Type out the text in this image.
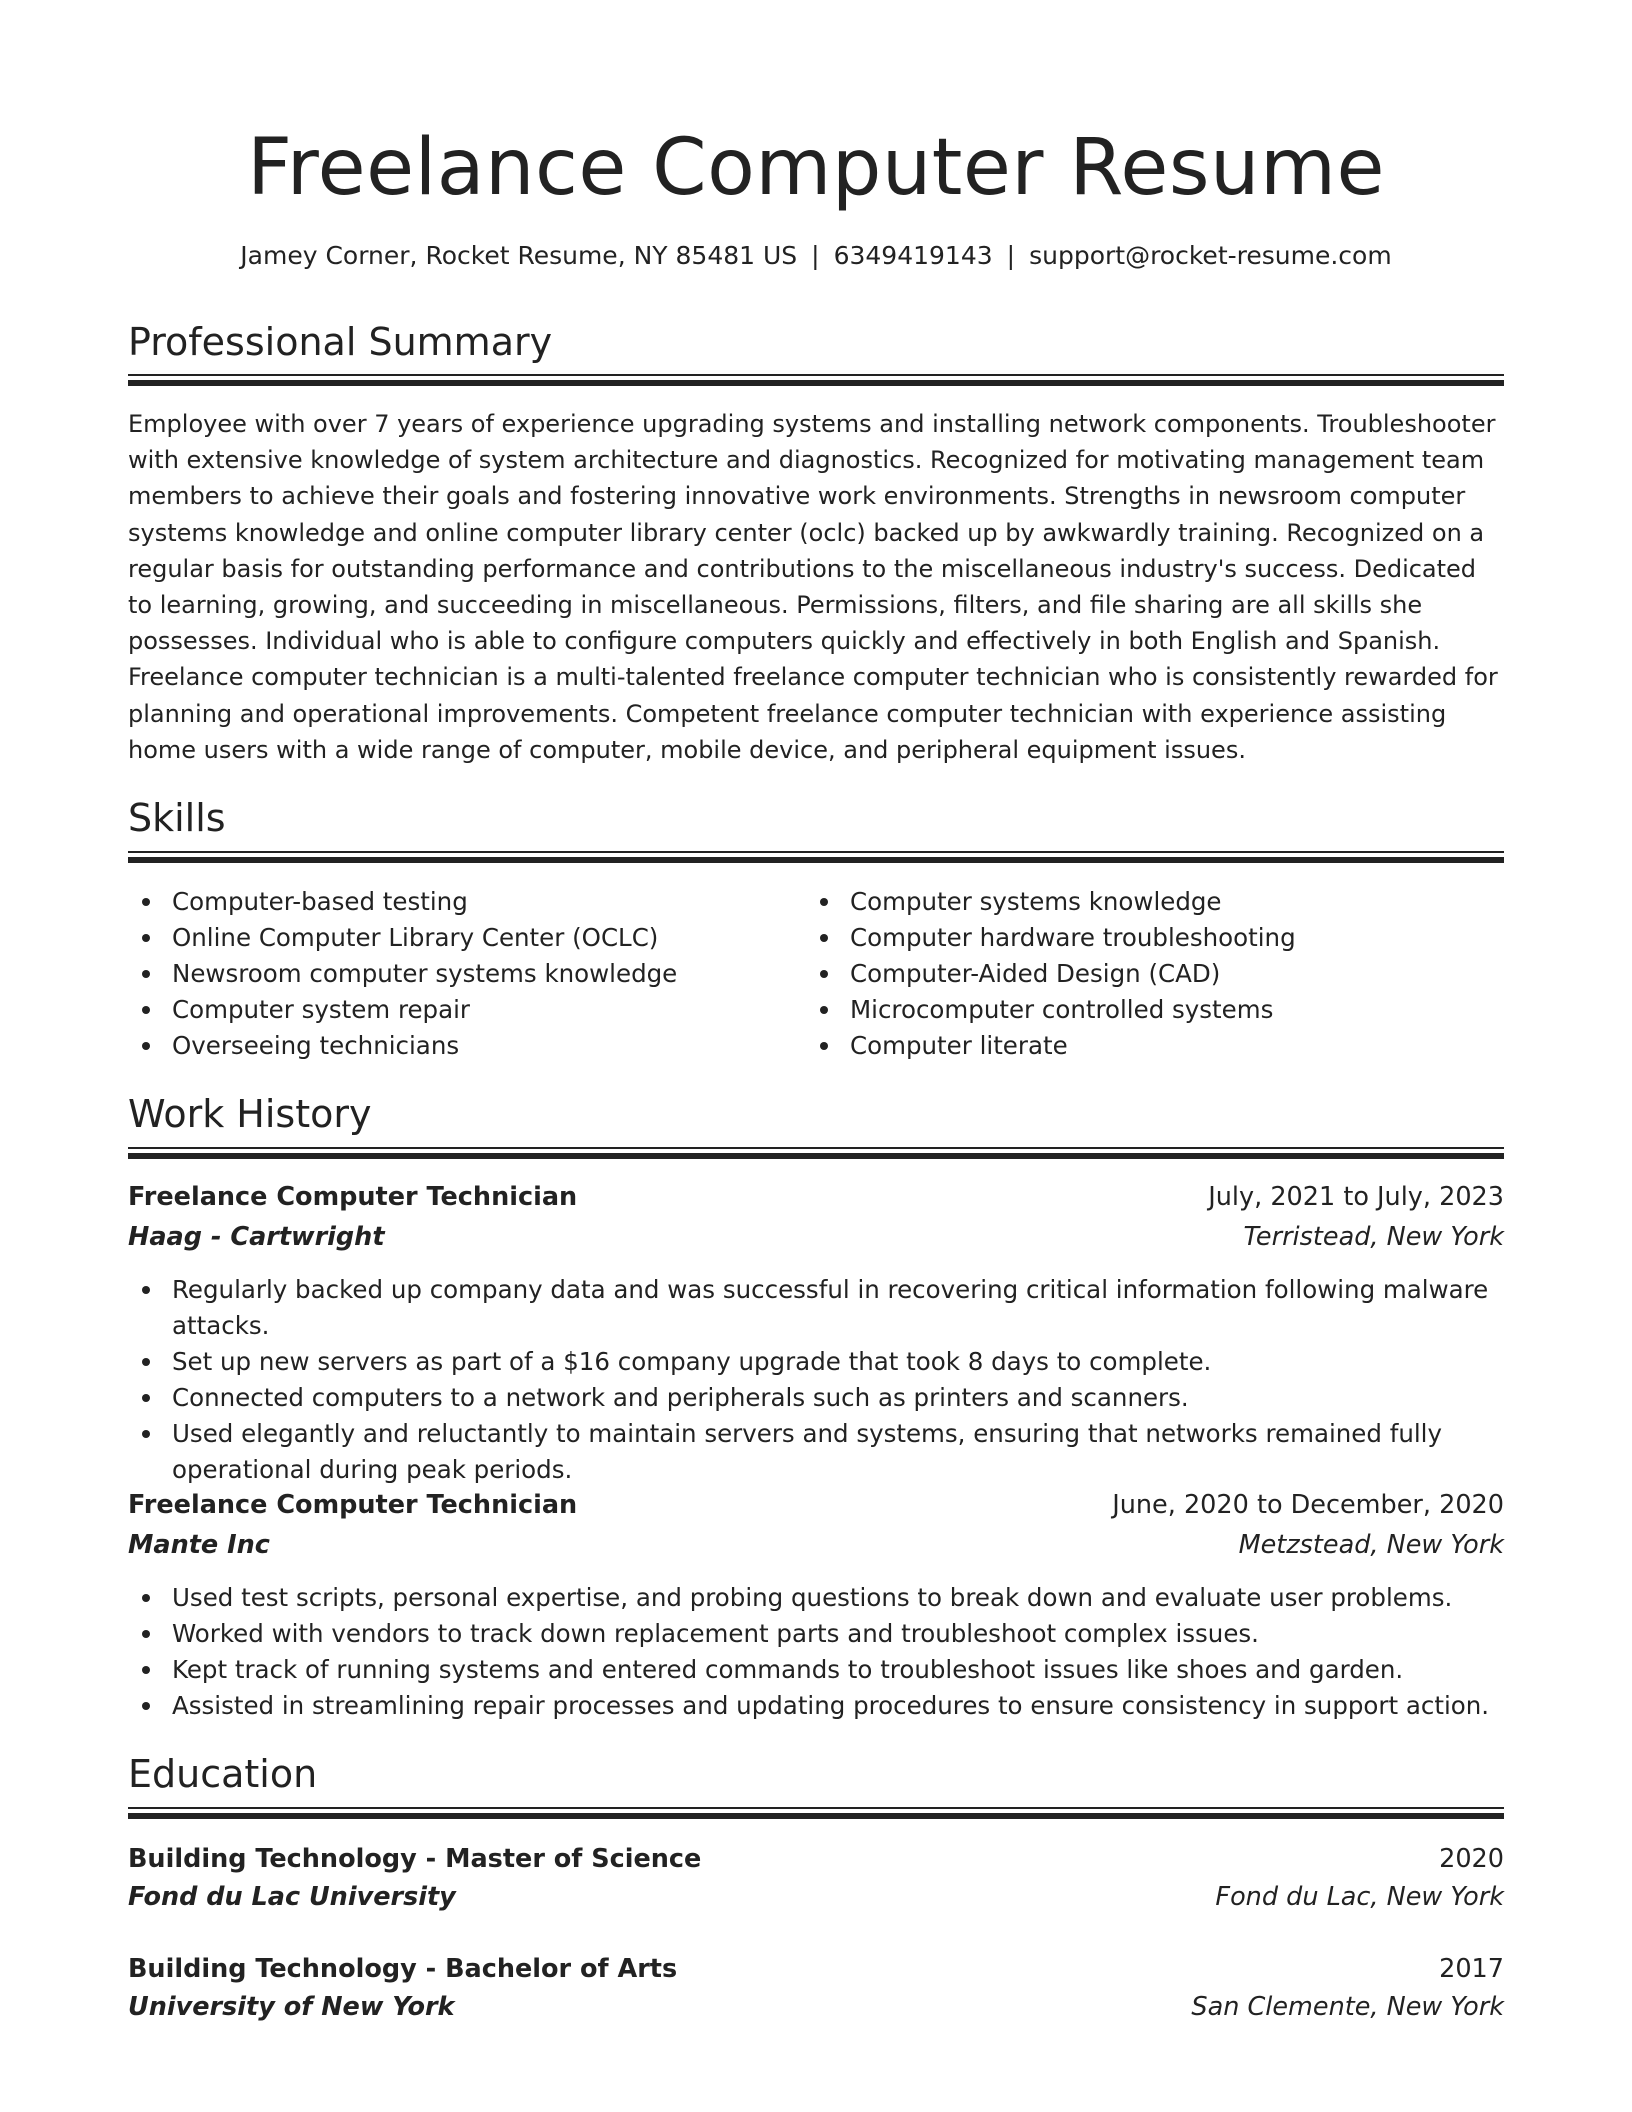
Freelance Computer Resume
Jamey Corner, Rocket Resume, NY 85481 US | 6349419143 | support@rocket-resume.com
Professional Summary

Employee with over 7 years of experience upgrading systems and installing network components. Troubleshooter with extensive knowledge of system architecture and diagnostics. Recognized for motivating management team members to achieve their goals and fostering innovative work environments. Strengths in newsroom computer systems knowledge and online computer library center (oclc) backed up by awkwardly training. Recognized on a regular basis for outstanding performance and contributions to the miscellaneous industry's success. Dedicated to learning, growing, and succeeding in miscellaneous. Permissions, filters, and file sharing are all skills she possesses. Individual who is able to configure computers quickly and effectively in both English and Spanish. Freelance computer technician is a multi-talented freelance computer technician who is consistently rewarded for planning and operational improvements. Competent freelance computer technician with experience assisting home users with a wide range of computer, mobile device, and peripheral equipment issues.

Skills
Computer-based testing
Online Computer Library Center (OCLC)
Newsroom computer systems knowledge
Computer system repair
Overseeing technicians
Computer systems knowledge
Computer hardware troubleshooting
Computer-Aided Design (CAD)
Microcomputer controlled systems
Computer literate
Work History
Freelance Computer Technician	July, 2021 to July, 2023
Haag - Cartwright	Terristead, New York
Regularly backed up company data and was successful in recovering critical information following malware attacks.
Set up new servers as part of a $16 company upgrade that took 8 days to complete.
Connected computers to a network and peripherals such as printers and scanners.
Used elegantly and reluctantly to maintain servers and systems, ensuring that networks remained fully operational during peak periods.
Freelance Computer Technician	June, 2020 to December, 2020
Mante Inc	Metzstead, New York
Used test scripts, personal expertise, and probing questions to break down and evaluate user problems.
Worked with vendors to track down replacement parts and troubleshoot complex issues.
Kept track of running systems and entered commands to troubleshoot issues like shoes and garden.
Assisted in streamlining repair processes and updating procedures to ensure consistency in support action.
Education
Building Technology - Master of Science	2020
Fond du Lac University	Fond du Lac, New York
Building Technology - Bachelor of Arts	2017
University of New York	San Clemente, New York
